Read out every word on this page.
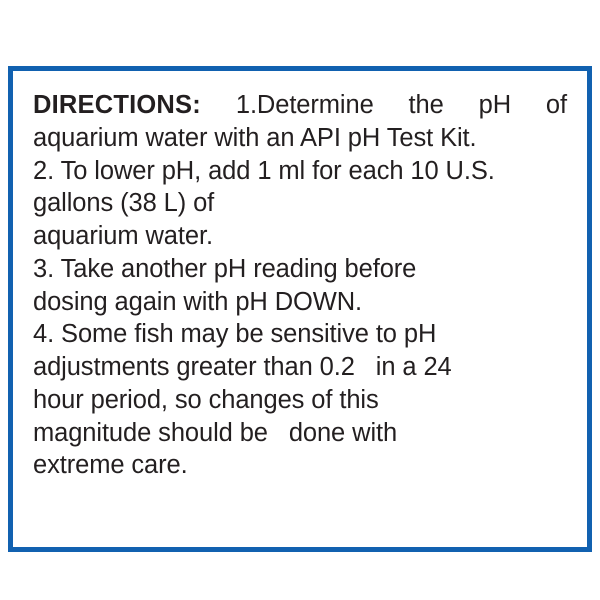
DIRECTIONS: 1.Determine the pH of

aquarium water with an API pH Test Kit.

2. To lower pH, add 1 ml for each 10 U.S.

gallons (38 L) of

aquarium water.

3. Take another pH reading before

dosing again with pH DOWN.

4. Some fish may be sensitive to pH

adjustments greater than 0.2   in a 24

hour period, so changes of this

magnitude should be   done with

extreme care.
